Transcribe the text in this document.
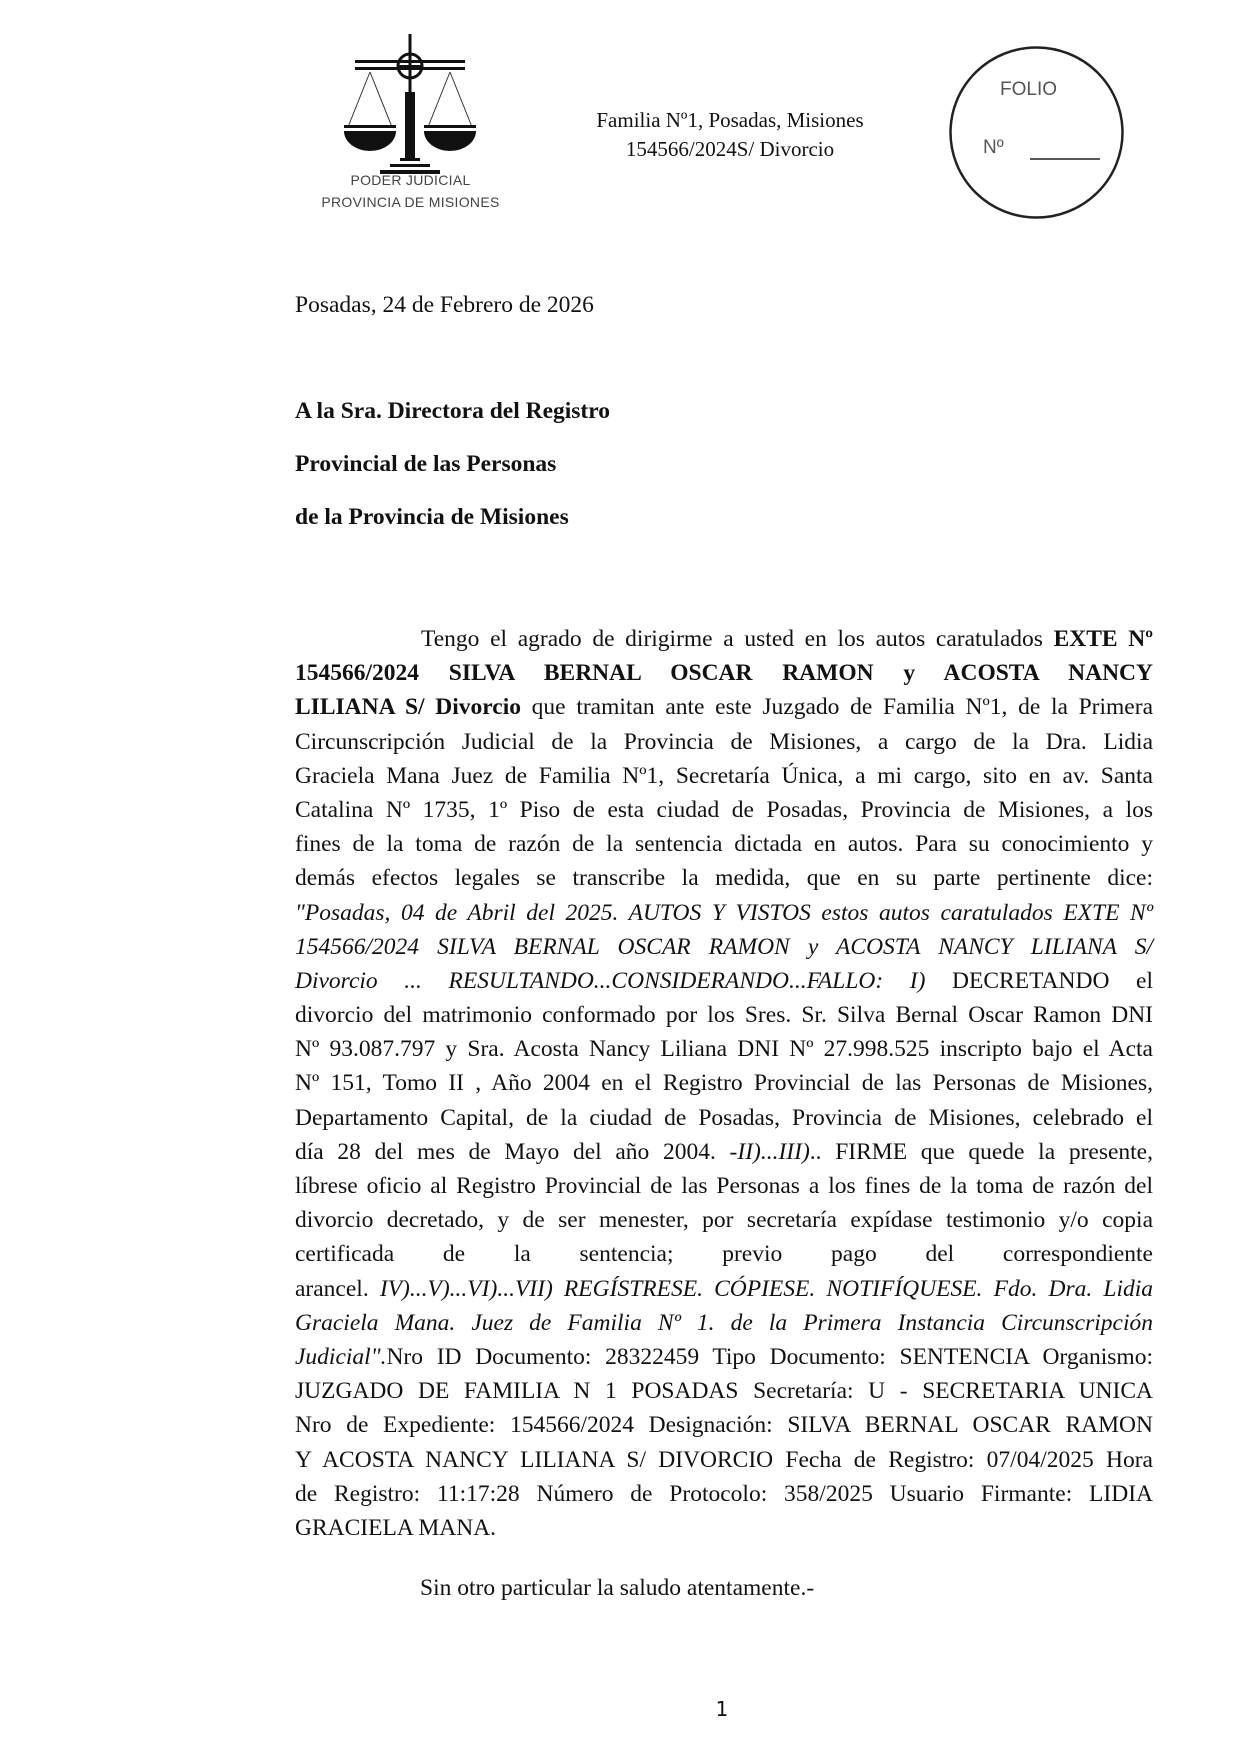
PODER JUDICIAL
PROVINCIA DE MISIONES
Familia Nº1, Posadas, Misiones
154566/2024S/ Divorcio
FOLIO
Nº
Posadas, 24 de Febrero de 2026
A la Sra. Directora del Registro
Provincial de las Personas
de la Provincia de Misiones
Tengo el agrado de dirigirme a usted en los autos caratulados EXTE Nº
154566/2024 SILVA BERNAL OSCAR RAMON y ACOSTA NANCY
LILIANA S/ Divorcio que tramitan ante este Juzgado de Familia Nº1, de la Primera
Circunscripción Judicial de la Provincia de Misiones, a cargo de la Dra. Lidia
Graciela Mana Juez de Familia Nº1, Secretaría Única, a mi cargo, sito en av. Santa
Catalina Nº 1735, 1º Piso de esta ciudad de Posadas, Provincia de Misiones, a los
fines de la toma de razón de la sentencia dictada en autos. Para su conocimiento y
demás efectos legales se transcribe la medida, que en su parte pertinente dice:
"Posadas, 04 de Abril del 2025. AUTOS Y VISTOS estos autos caratulados EXTE Nº
154566/2024 SILVA BERNAL OSCAR RAMON y ACOSTA NANCY LILIANA S/
Divorcio ... RESULTANDO...CONSIDERANDO...FALLO: I) DECRETANDO el
divorcio del matrimonio conformado por los Sres. Sr. Silva Bernal Oscar Ramon DNI
Nº 93.087.797 y Sra. Acosta Nancy Liliana DNI Nº 27.998.525 inscripto bajo el Acta
Nº 151, Tomo II , Año 2004 en el Registro Provincial de las Personas de Misiones,
Departamento Capital, de la ciudad de Posadas, Provincia de Misiones, celebrado el
día 28 del mes de Mayo del año 2004. -II)...III).. FIRME que quede la presente,
líbrese oficio al Registro Provincial de las Personas a los fines de la toma de razón del
divorcio decretado, y de ser menester, por secretaría expídase testimonio y/o copia
certificada de la sentencia; previo pago del correspondiente
arancel. IV)...V)...VI)...VII) REGÍSTRESE. CÓPIESE. NOTIFÍQUESE. Fdo. Dra. Lidia
Graciela Mana. Juez de Familia Nº 1. de la Primera Instancia Circunscripción
Judicial".Nro ID Documento: 28322459 Tipo Documento: SENTENCIA Organismo:
JUZGADO DE FAMILIA N 1 POSADAS Secretaría: U - SECRETARIA UNICA
Nro de Expediente: 154566/2024 Designación: SILVA BERNAL OSCAR RAMON
Y ACOSTA NANCY LILIANA S/ DIVORCIO Fecha de Registro: 07/04/2025 Hora
de Registro: 11:17:28 Número de Protocolo: 358/2025 Usuario Firmante: LIDIA
GRACIELA MANA.
Sin otro particular la saludo atentamente.-
1
